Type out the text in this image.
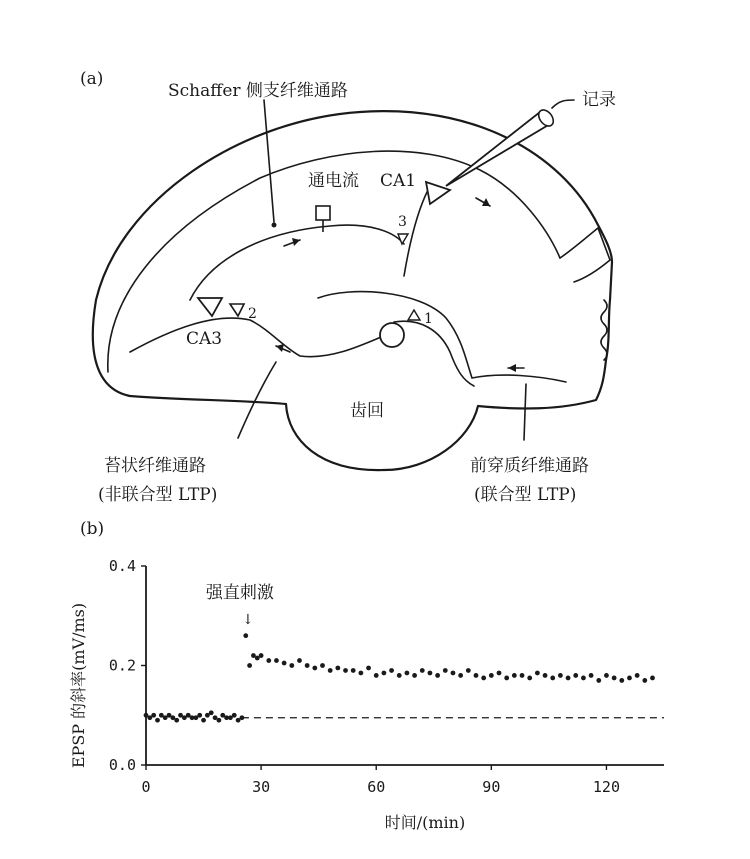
(a)
Schaffer 侧支纤维通路	记录
通电流 CA1
CA3
齿回
1
2
3
苔状纤维通路
(非联合型 LTP)
前穿质纤维通路
(联合型 LTP)
(b)
0	30	60	90	120
0.0
0.2
0.4
强直刺激
↓
时间/(min)
EPSP 的斜率(mV/ms)
